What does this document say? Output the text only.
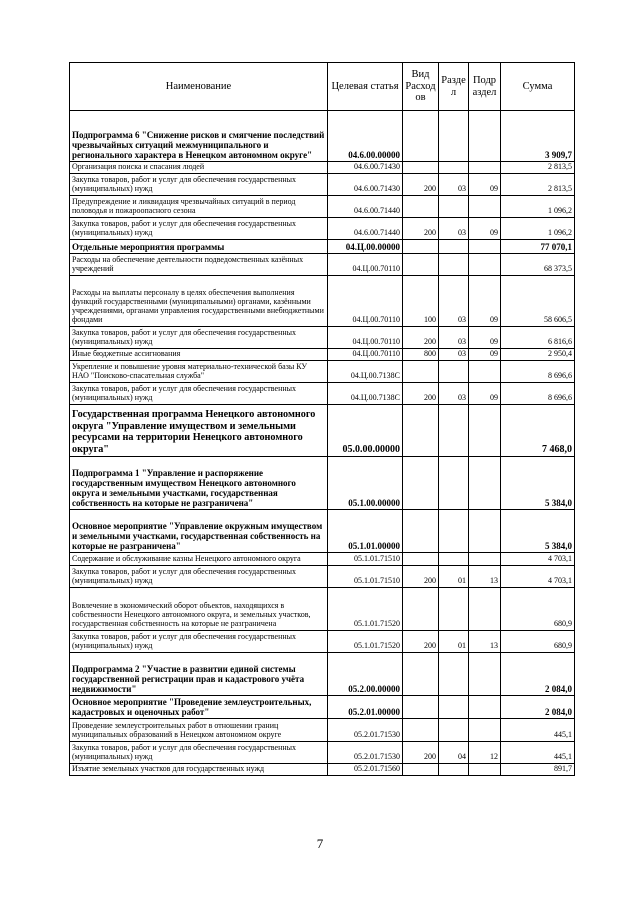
Наименование	Целевая статья	Вид Расход ов	Разде л	Подр аздел	Сумма
Подпрограмма 6 "Снижение рисков и смягчение последствий чрезвычайных ситуаций межмуниципального и регионального характера в Ненецком автономном округе"	04.6.00.00000				3 909,7
Организация поиска и спасания людей	04.6.00.71430				2 813,5
Закупка товаров, работ и услуг для обеспечения государственных (муниципальных) нужд	04.6.00.71430	200	03	09	2 813,5
Предупреждение и ликвидация чрезвычайных ситуаций в период половодья и пожароопасного сезона	04.6.00.71440				1 096,2
Закупка товаров, работ и услуг для обеспечения государственных (муниципальных) нужд	04.6.00.71440	200	03	09	1 096,2
Отдельные мероприятия программы	04.Ц.00.00000				77 070,1
Расходы на обеспечение деятельности подведомственных казённых учреждений	04.Ц.00.70110				68 373,5
Расходы на выплаты персоналу в целях обеспечения выполнения функций государственными (муниципальными) органами, казёнными учреждениями, органами управления государственными внебюджетными фондами	04.Ц.00.70110	100	03	09	58 606,5
Закупка товаров, работ и услуг для обеспечения государственных (муниципальных) нужд	04.Ц.00.70110	200	03	09	6 816,6
Иные бюджетные ассигнования	04.Ц.00.70110	800	03	09	2 950,4
Укрепление и повышение уровня материально-технической базы КУ НАО "Поисково-спасательная служба"	04.Ц.00.7138С				8 696,6
Закупка товаров, работ и услуг для обеспечения государственных (муниципальных) нужд	04.Ц.00.7138С	200	03	09	8 696,6
Государственная программа Ненецкого автономного округа "Управление имуществом и земельными ресурсами на территории Ненецкого автономного округа"	05.0.00.00000				7 468,0
Подпрограмма 1 "Управление и распоряжение государственным имуществом Ненецкого автономного округа и земельными участками, государственная собственность на которые не разграничена"	05.1.00.00000				5 384,0
Основное мероприятие "Управление окружным имуществом и земельными участками, государственная собственность на которые не разграничена"	05.1.01.00000				5 384,0
Содержание и обслуживание казны Ненецкого автономного округа	05.1.01.71510				4 703,1
Закупка товаров, работ и услуг для обеспечения государственных (муниципальных) нужд	05.1.01.71510	200	01	13	4 703,1
Вовлечение в экономический оборот объектов, находящихся в собственности Ненецкого автономного округа, и земельных участков, государственная собственность на которые не разграничена	05.1.01.71520				680,9
Закупка товаров, работ и услуг для обеспечения государственных (муниципальных) нужд	05.1.01.71520	200	01	13	680,9
Подпрограмма 2 "Участие в развитии единой системы государственной регистрации прав и кадастрового учёта недвижимости"	05.2.00.00000				2 084,0
Основное мероприятие "Проведение землеустроительных, кадастровых и оценочных работ"	05.2.01.00000				2 084,0
Проведение землеустроительных работ в отношении границ муниципальных образований в Ненецком автономном округе	05.2.01.71530				445,1
Закупка товаров, работ и услуг для обеспечения государственных (муниципальных) нужд	05.2.01.71530	200	04	12	445,1
Изъятие земельных участков для государственных нужд	05.2.01.71560				891,7
7
